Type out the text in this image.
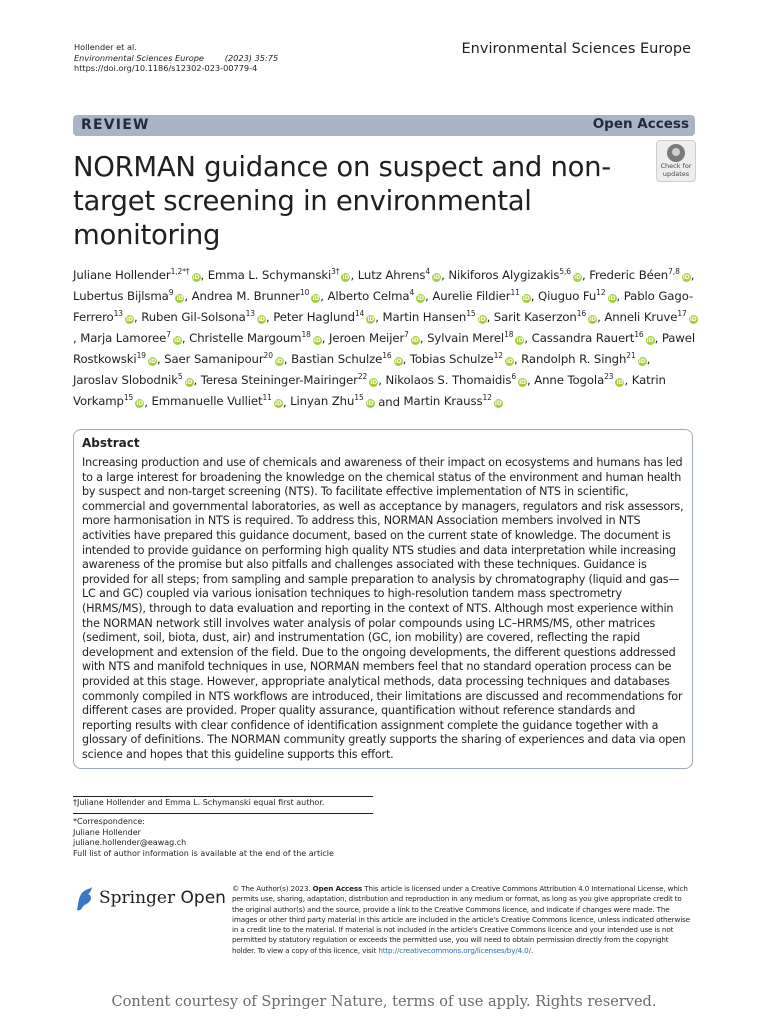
Hollender et al.
Environmental Sciences Europe	(2023) 35:75
https://doi.org/10.1186/s12302-023-00779-4
Environmental Sciences Europe
REVIEW	Open Access
Check for updates
NORMAN guidance on suspect and non-target screening in environmental monitoring
Juliane Hollender$^{1,2*\dagger}$iD, Emma L. Schymanski$^{3\dagger}$iD, Lutz Ahrens$^4$iD, Nikiforos Alygizakis$^{5,6}$iD, Frederic Béen$^{7,8}$iD, Lubertus Bijlsma$^9$iD, Andrea M. Brunner$^{10}$iD, Alberto Celma$^4$iD, Aurelie Fildier$^{11}$iD, Qiuguo Fu$^{12}$iD, Pablo Gago-Ferrero$^{13}$iD, Ruben Gil-Solsona$^{13}$iD, Peter Haglund$^{14}$iD, Martin Hansen$^{15}$iD, Sarit Kaserzon$^{16}$iD, Anneli Kruve$^{17}$iD, Marja Lamoree$^7$iD, Christelle Margoum$^{18}$iD, Jeroen Meijer$^7$iD, Sylvain Merel$^{18}$iD, Cassandra Rauert$^{16}$iD, Pawel Rostkowski$^{19}$iD, Saer Samanipour$^{20}$iD, Bastian Schulze$^{16}$iD, Tobias Schulze$^{12}$iD, Randolph R. Singh$^{21}$iD, Jaroslav Slobodnik$^5$iD, Teresa Steininger-Mairinger$^{22}$iD, Nikolaos S. Thomaidis$^6$iD, Anne Togola$^{23}$iD, Katrin Vorkamp$^{15}$iD, Emmanuelle Vulliet$^{11}$iD, Linyan Zhu$^{15}$iD and Martin Krauss$^{12}$iD
Abstract
Increasing production and use of chemicals and awareness of their impact on ecosystems and humans has led to a large interest for broadening the knowledge on the chemical status of the environment and human health by suspect and non-target screening (NTS). To facilitate effective implementation of NTS in scientific, commercial and governmental laboratories, as well as acceptance by managers, regulators and risk assessors, more harmonisation in NTS is required. To address this, NORMAN Association members involved in NTS activities have prepared this guidance document, based on the current state of knowledge. The document is intended to provide guidance on performing high quality NTS studies and data interpretation while increasing awareness of the promise but also pitfalls and challenges associated with these techniques. Guidance is provided for all steps; from sampling and sample preparation to analysis by chromatography (liquid and gas—LC and GC) coupled via various ionisation techniques to high-resolution tandem mass spectrometry (HRMS/MS), through to data evaluation and reporting in the context of NTS. Although most experience within the NORMAN network still involves water analysis of polar compounds using LC–HRMS/MS, other matrices (sediment, soil, biota, dust, air) and instrumentation (GC, ion mobility) are covered, reflecting the rapid development and extension of the field. Due to the ongoing developments, the different questions addressed with NTS and manifold techniques in use, NORMAN members feel that no standard operation process can be provided at this stage. However, appropriate analytical methods, data processing techniques and databases commonly compiled in NTS workflows are introduced, their limitations are discussed and recommendations for different cases are provided. Proper quality assurance, quantification without reference standards and reporting results with clear confidence of identification assignment complete the guidance together with a glossary of definitions. The NORMAN community greatly supports the sharing of experiences and data via open science and hopes that this guideline supports this effort.
†Juliane Hollender and Emma L. Schymanski equal first author.
*Correspondence:
Juliane Hollender
juliane.hollender@eawag.ch
Full list of author information is available at the end of the article
Springer Open © The Author(s) 2023. Open Access This article is licensed under a Creative Commons Attribution 4.0 International License, which permits use, sharing, adaptation, distribution and reproduction in any medium or format, as long as you give appropriate credit to the original author(s) and the source, provide a link to the Creative Commons licence, and indicate if changes were made. The images or other third party material in this article are included in the article's Creative Commons licence, unless indicated otherwise in a credit line to the material. If material is not included in the article's Creative Commons licence and your intended use is not permitted by statutory regulation or exceeds the permitted use, you will need to obtain permission directly from the copyright holder. To view a copy of this licence, visit http://creativecommons.org/licenses/by/4.0/.
Content courtesy of Springer Nature, terms of use apply. Rights reserved.
